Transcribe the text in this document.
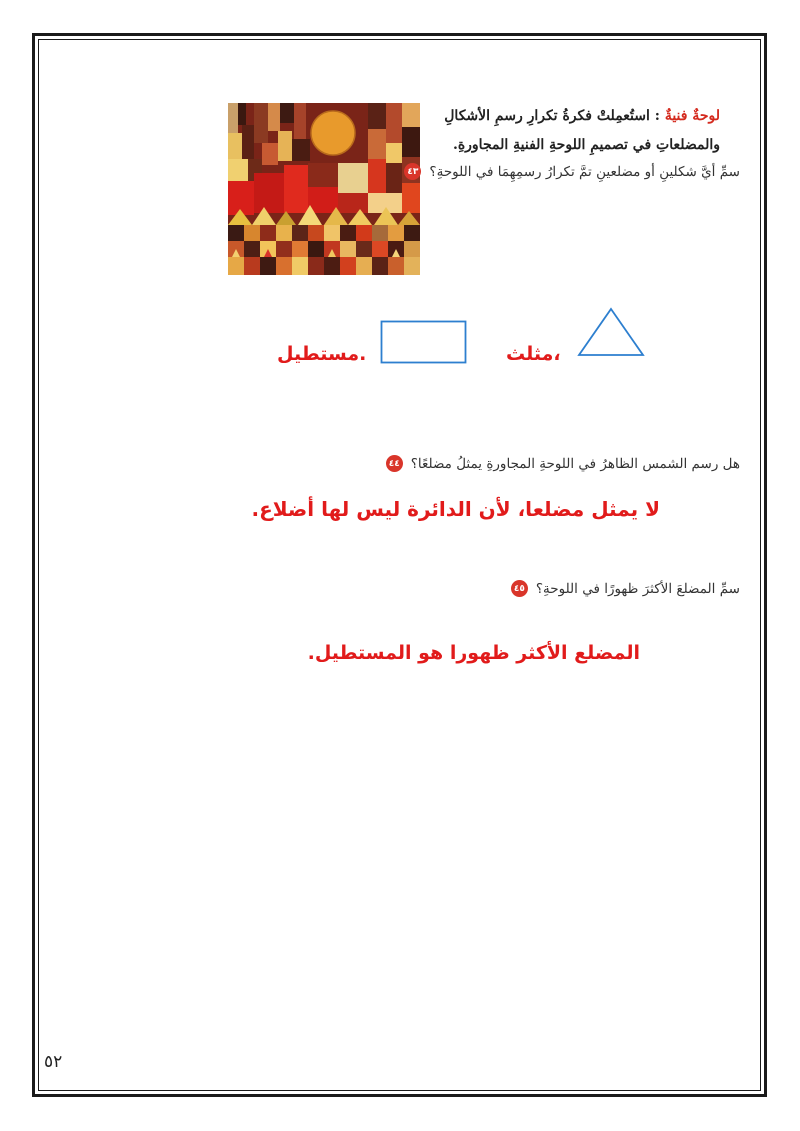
لوحةٌ فنيةٌ : استُعمِلتْ فكرةُ تكرارِ رسمِ الأشكالِ
والمضلعاتِ في تصميمِ اللوحةِ الفنيةِ المجاورةِ.
٤٣ سمِّ أيَّ شكلينِ أو مضلعينِ تمَّ تكرارُ رسمِهِمَا في اللوحةِ؟
مثلث،
مستطيل.
٤٤ هل رسم الشمس الظاهرُ في اللوحةِ المجاورةِ يمثلُ مضلعًا؟
لا يمثل مضلعا، لأن الدائرة ليس لها أضلاع.
٤٥ سمِّ المضلعَ الأكثرَ ظهورًا في اللوحةِ؟
المضلع الأكثر ظهورا هو المستطيل.
٥٢
